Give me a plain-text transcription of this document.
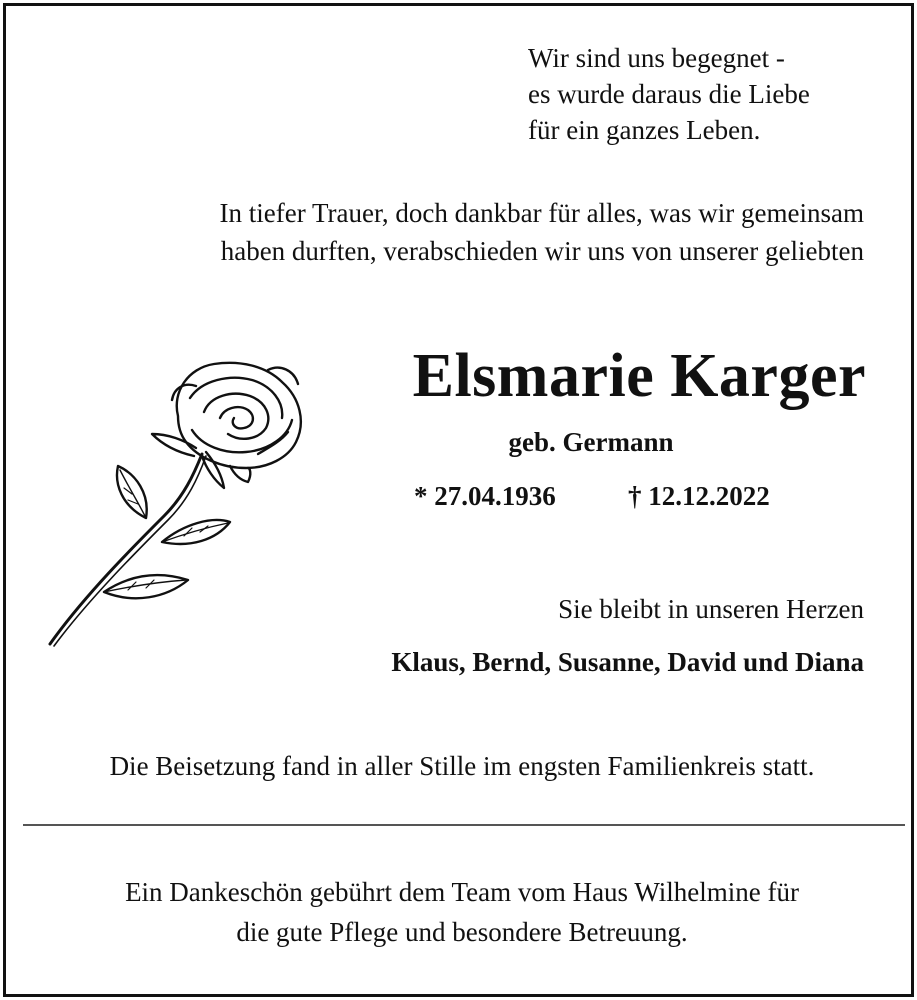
Wir sind uns begegnet -
es wurde daraus die Liebe
für ein ganzes Leben.
In tiefer Trauer, doch dankbar für alles, was wir gemeinsam
haben durften, verabschieden wir uns von unserer geliebten
Elsmarie Karger
geb. Germann
* 27.04.1936	† 12.12.2022
Sie bleibt in unseren Herzen
Klaus, Bernd, Susanne, David und Diana
Die Beisetzung fand in aller Stille im engsten Familienkreis statt.
Ein Dankeschön gebührt dem Team vom Haus Wilhelmine für
die gute Pflege und besondere Betreuung.
